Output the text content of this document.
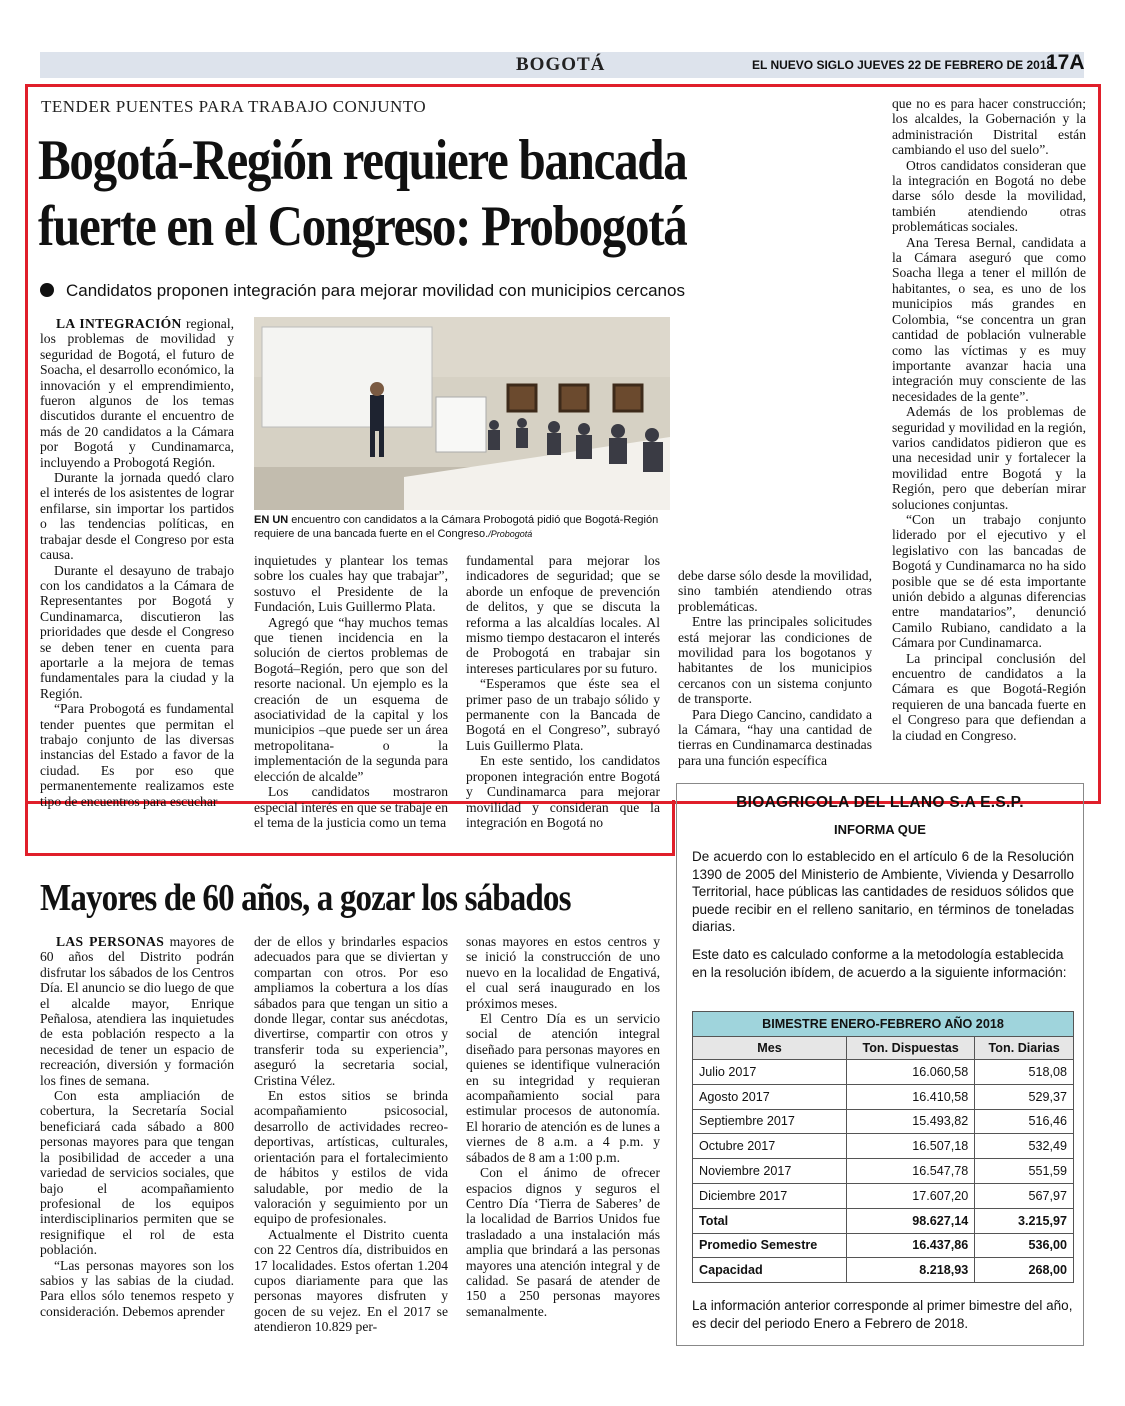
BOGOTÁ	EL NUEVO SIGLO JUEVES 22 DE FEBRERO DE 2018
17A
TENDER PUENTES PARA TRABAJO CONJUNTO
Bogotá-Región requiere bancada
fuerte en el Congreso: Probogotá
Candidatos proponen integración para mejorar movilidad con municipios cercanos

LA INTEGRACIÓN regional, los problemas de movilidad y seguridad de Bogotá, el futuro de Soacha, el desarrollo económico, la innovación y el emprendimiento, fueron algunos de los temas discutidos durante el encuentro de más de 20 candidatos a la Cámara por Bogotá y Cundinamarca, incluyendo a Probogotá Región.

Durante la jornada quedó claro el interés de los asistentes de lograr enfilarse, sin importar los partidos o las tendencias políticas, en trabajar desde el Congreso por esta causa.

Durante el desayuno de trabajo con los candidatos a la Cámara de Representantes por Bogotá y Cundinamarca, discutieron las prioridades que desde el Congreso se deben tener en cuenta para aportarle a la mejora de temas fundamentales para la ciudad y la Región.

“Para Probogotá es fundamental tender puentes que permitan el trabajo conjunto de las diversas instancias del Estado a favor de la ciudad. Es por eso que permanentemente realizamos este tipo de encuentros para escuchar

EN UN encuentro con candidatos a la Cámara Probogotá pidió que Bogotá-Región requiere de una bancada fuerte en el Congreso./Probogotá

inquietudes y plantear los temas sobre los cuales hay que trabajar”, sostuvo el Presidente de la Fundación, Luis Guillermo Plata.

Agregó que “hay muchos temas que tienen incidencia en la solución de ciertos problemas de Bogotá–Región, pero que son del resorte nacional. Un ejemplo es la creación de un esquema de asociatividad de la capital y los municipios –que puede ser un área metropolitana- o la implementación de la segunda para elección de alcalde”

Los candidatos mostraron especial interés en que se trabaje en el tema de la justicia como un tema

fundamental para mejorar los indicadores de seguridad; que se aborde un enfoque de prevención de delitos, y que se discuta la reforma a las alcaldías locales. Al mismo tiempo destacaron el interés de Probogotá en trabajar sin intereses particulares por su futuro.

“Esperamos que éste sea el primer paso de un trabajo sólido y permanente con la Bancada de Bogotá en el Congreso”, subrayó Luis Guillermo Plata.

En este sentido, los candidatos proponen integración entre Bogotá y Cundinamarca para mejorar movilidad y consideran que la integración en Bogotá no

debe darse sólo desde la movilidad, sino también atendiendo otras problemáticas.

Entre las principales solicitudes está mejorar las condiciones de movilidad para los bogotanos y habitantes de los municipios cercanos con un sistema conjunto de transporte.

Para Diego Cancino, candidato a la Cámara, “hay una cantidad de tierras en Cundinamarca destinadas para una función específica

que no es para hacer construcción; los alcaldes, la Gobernación y la administración Distrital están cambiando el uso del suelo”.

Otros candidatos consideran que la integración en Bogotá no debe darse sólo desde la movilidad, también atendiendo otras problemáticas sociales.

Ana Teresa Bernal, candidata a la Cámara aseguró que como Soacha llega a tener el millón de habitantes, o sea, es uno de los municipios más grandes en Colombia, “se concentra un gran cantidad de población vulnerable como las víctimas y es muy importante avanzar hacia una integración muy consciente de las necesidades de la gente”.

Además de los problemas de seguridad y movilidad en la región, varios candidatos pidieron que es una necesidad unir y fortalecer la movilidad entre Bogotá y la Región, pero que deberían mirar soluciones conjuntas.

“Con un trabajo conjunto liderado por el ejecutivo y el legislativo con las bancadas de Bogotá y Cundinamarca no ha sido posible que se dé esta importante unión debido a algunas diferencias entre mandatarios”, denunció Camilo Rubiano, candidato a la Cámara por Cundinamarca.

La principal conclusión del encuentro de candidatos a la Cámara es que Bogotá-Región requieren de una bancada fuerte en el Congreso para que defiendan a la ciudad en Congreso.

Mayores de 60 años, a gozar los sábados

LAS PERSONAS mayores de 60 años del Distrito podrán disfrutar los sábados de los Centros Día. El anuncio se dio luego de que el alcalde mayor, Enrique Peñalosa, atendiera las inquietudes de esta población respecto a la necesidad de tener un espacio de recreación, diversión y formación los fines de semana.

Con esta ampliación de cobertura, la Secretaría Social beneficiará cada sábado a 800 personas mayores para que tengan la posibilidad de acceder a una variedad de servicios sociales, que bajo el acompañamiento profesional de los equipos interdisciplinarios permiten que se resignifique el rol de esta población.

“Las personas mayores son los sabios y las sabias de la ciudad. Para ellos sólo tenemos respeto y consideración. Debemos aprender

der de ellos y brindarles espacios adecuados para que se diviertan y compartan con otros. Por eso ampliamos la cobertura a los días sábados para que tengan un sitio a donde llegar, contar sus anécdotas, divertirse, compartir con otros y transferir toda su experiencia”, aseguró la secretaria social, Cristina Vélez.

En estos sitios se brinda acompañamiento psicosocial, desarrollo de actividades recreo-deportivas, artísticas, culturales, orientación para el fortalecimiento de hábitos y estilos de vida saludable, por medio de la valoración y seguimiento por un equipo de profesionales.

Actualmente el Distrito cuenta con 22 Centros día, distribuidos en 17 localidades. Estos ofertan 1.204 cupos diariamente para que las personas mayores disfruten y gocen de su vejez. En el 2017 se atendieron 10.829 per-

sonas mayores en estos centros y se inició la construcción de uno nuevo en la localidad de Engativá, el cual será inaugurado en los próximos meses.

El Centro Día es un servicio social de atención integral diseñado para personas mayores en quienes se identifique vulneración en su integridad y requieran acompañamiento social para estimular procesos de autonomía. El horario de atención es de lunes a viernes de 8 a.m. a 4 p.m. y sábados de 8 am a 1:00 p.m.

Con el ánimo de ofrecer espacios dignos y seguros el Centro Día ‘Tierra de Saberes’ de la localidad de Barrios Unidos fue trasladado a una instalación más amplia que brindará a las personas mayores una atención integral y de calidad. Se pasará de atender de 150 a 250 personas mayores semanalmente.

BIOAGRICOLA DEL LLANO S.A E.S.P.
INFORMA QUE
De acuerdo con lo establecido en el artículo 6 de la Resolución 1390 de 2005 del Ministerio de Ambiente, Vivienda y Desarrollo Territorial, hace públicas las cantidades de residuos sólidos que puede recibir en el relleno sanitario, en términos de toneladas diarias.
Este dato es calculado conforme a la metodología establecida en la resolución ibídem, de acuerdo a la siguiente información:
BIMESTRE ENERO-FEBRERO AÑO 2018		
Mes	Ton. Dispuestas	Ton. Diarias
Julio 2017	16.060,58	518,08
Agosto 2017	16.410,58	529,37
Septiembre 2017	15.493,82	516,46
Octubre 2017	16.507,18	532,49
Noviembre 2017	16.547,78	551,59
Diciembre 2017	17.607,20	567,97
Total	98.627,14	3.215,97
Promedio Semestre	16.437,86	536,00
Capacidad	8.218,93	268,00
La información anterior corresponde al primer bimestre del año, es decir del periodo Enero a Febrero de 2018.
